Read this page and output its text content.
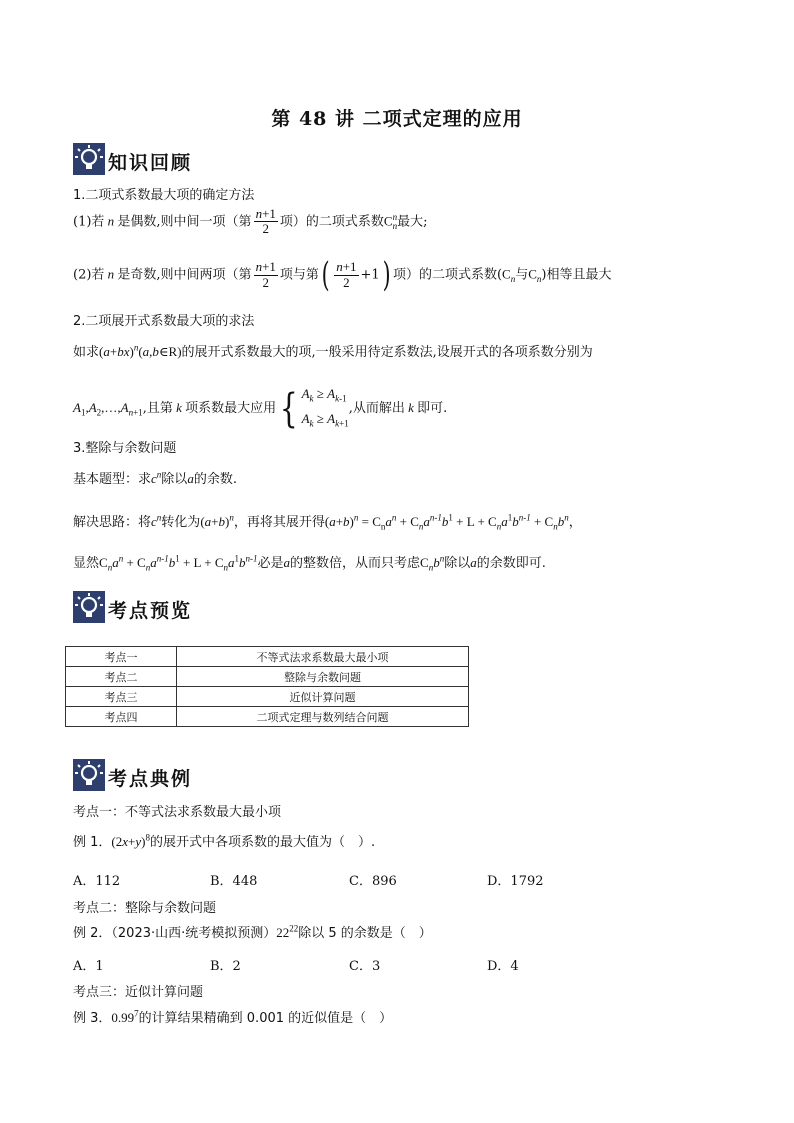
第 48 讲 二项式定理的应用
知识回顾
1.二项式系数最大项的确定方法
(1)若 n 是偶数,则中间一项（第 $\frac{n+1}{2}$ 项）的二项式系数C n
n 最大;
(2)若 n 是奇数,则中间两项（第 $\frac{n+1}{2}$ 项与第( $\frac{n+1}{2} +1$) 项）的二项式系数($C_n$与$C_n$)相等且最大
2.二项展开式系数最大项的求法
如求$(a+bx)^n(a,b\in R)$的展开式系数最大的项,一般采用待定系数法,设展开式的各项系数分别为
$A_1,A_2,\dots,A_{n+1}$,且第 k 项系数最大应用{ $A_k \ge A_{k-1}$
$A_k \ge A_{k+1}$
,从而解出 k 即可.
3.整除与余数问题
基本题型：求$c^n$除以a的余数.
解决思路：将$c^n$转化为$(a+b)^n$，再将其展开得$(a+b)^n = C_na^n + C_na^{n-1}b^1 + L + C_na^1b^{n-1} + C_nb^n$，
显然$C_na^n + C_na^{n-1}b^1 + L + C_na^1b^{n-1}$必是a的整数倍，从而只考虑$C_nb^n$除以a的余数即可.
考点预览
考点一	不等式法求系数最大最小项
考点二	整除与余数问题
考点三	近似计算问题
考点四	二项式定理与数列结合问题
考点典例
考点一：不等式法求系数最大最小项
例 1．$(2x+y)^8$的展开式中各项系数的最大值为（　）.
A．112	B．448	C．896	D．1792
考点二：整除与余数问题
例 2．（2023·山西·统考模拟预测）$22^{22}$除以 5 的余数是（　）
A．1	B．2	C．3	D．4
考点三：近似计算问题
例 3．0.99$^7$的计算结果精确到 0.001 的近似值是（　）
